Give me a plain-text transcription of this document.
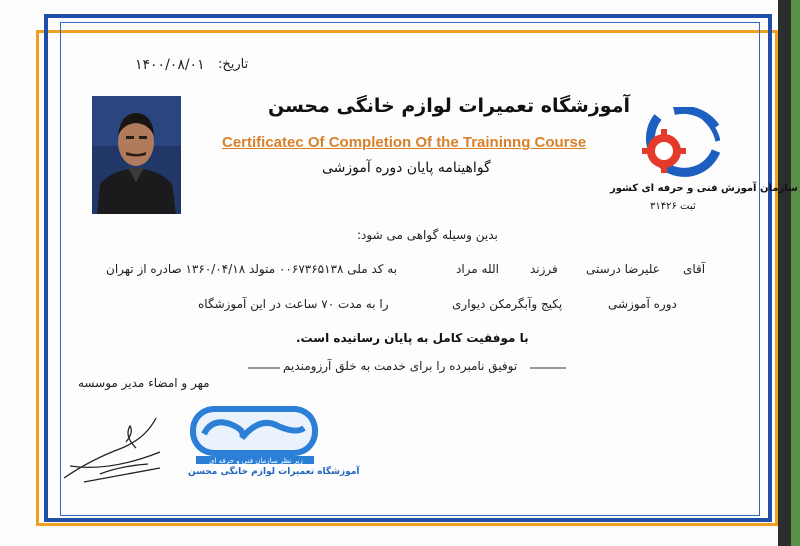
تاریخ:
۱۴۰۰/۰۸/۰۱
آموزشگاه تعمیرات لوازم خانگی محسن
Certificatec Of Completion Of the Traininng Course
گواهینامه پایان دوره آموزشی
سازمان آموزش فنی و حرفه ای کشور
ثبت ۳۱۴۲۶
بدین وسیله گواهی می شود:
آقای
علیرضا درستی
فرزند
الله مراد
به کد ملی ۰۰۶۷۳۶۵۱۳۸ متولد ۱۳۶۰/۰۴/۱۸ صادره از تهران
دوره آموزشی
پکیج وآبگرمکن دیواری
را به مدت ۷۰ ساعت در این آموزشگاه
با موفقیت کامل به پایان رسانیده است.
توفیق نامبرده را برای خدمت به خلق آرزومندیم
مهر و امضاء مدیر موسسه
زیر نظر سازمان فنی و حرفه ای
آموزشگاه تعمیرات لوازم خانگی محسن
